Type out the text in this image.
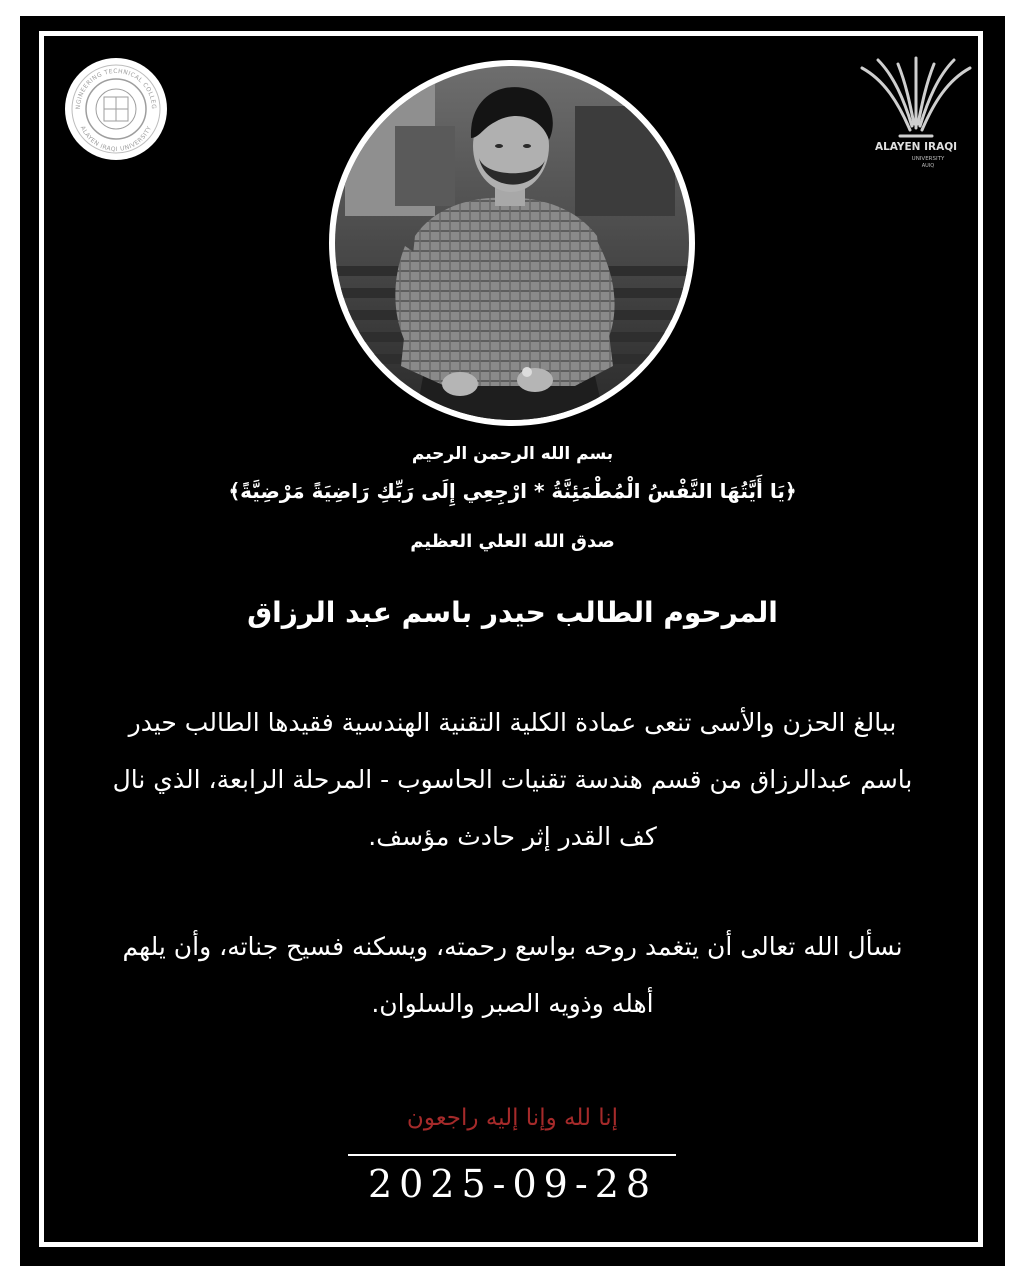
NGINEERING TECHNICAL COLLEG
ALAYEN IRAQI UNIVERSITY
ALAYEN IRAQI
UNIVERSITY
AUIQ
بسم الله الرحمن الرحيم
﴿يَا أَيَّتُهَا النَّفْسُ الْمُطْمَئِنَّةُ * ارْجِعِي إِلَى رَبِّكِ رَاضِيَةً مَرْضِيَّةً﴾
صدق الله العلي العظيم
المرحوم الطالب حيدر باسم عبد الرزاق
ببالغ الحزن والأسى تنعى عمادة الكلية التقنية الهندسية فقيدها الطالب حيدر باسم عبدالرزاق من قسم هندسة تقنيات الحاسوب - المرحلة الرابعة، الذي نال كف القدر إثر حادث مؤسف.
نسأل الله تعالى أن يتغمد روحه بواسع رحمته، ويسكنه فسيح جناته، وأن يلهم أهله وذويه الصبر والسلوان.
إنا لله وإنا إليه راجعون
2025-09-28
